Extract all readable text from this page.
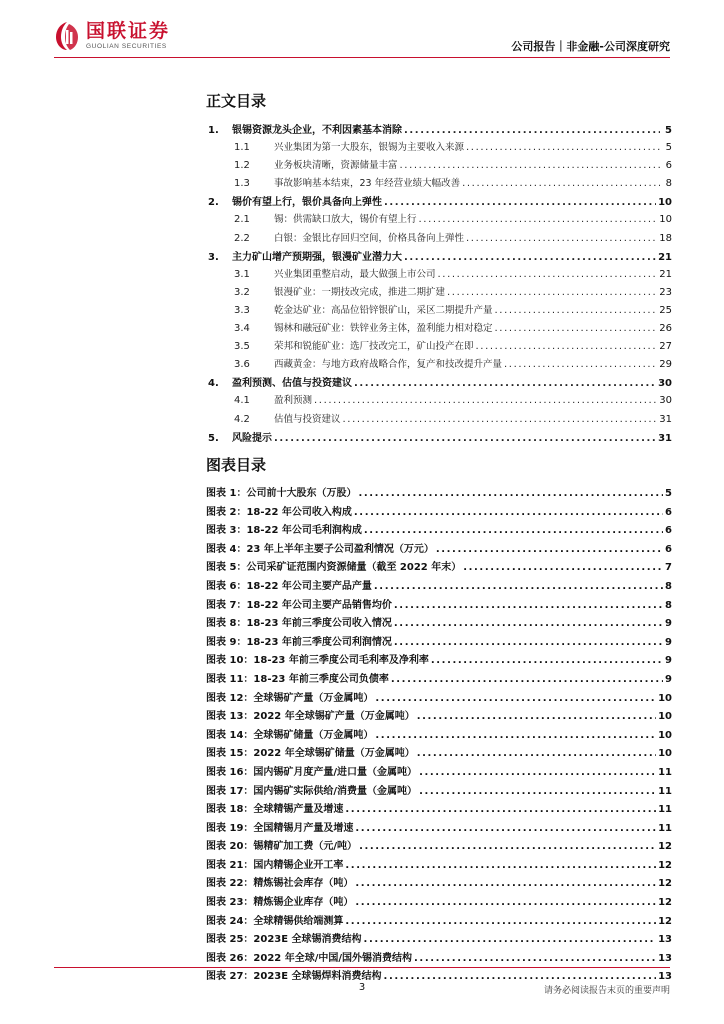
国联证券
GUOLIAN SECURITIES	公司报告｜非金融-公司深度研究
正文目录
1.	银锡资源龙头企业，不利因素基本消除 .....	5
1.1	兴业集团为第一大股东，银锡为主要收入来源 .....	5
1.2	业务板块清晰，资源储量丰富 .....	6
1.3	事故影响基本结束，23 年经营业绩大幅改善 .....	8
2.	锡价有望上行，银价具备向上弹性 .....	10
2.1	锡：供需缺口放大，锡价有望上行 .....	10
2.2	白银：金银比存回归空间，价格具备向上弹性 .....	18
3.	主力矿山增产预期强，银漫矿业潜力大 .....	21
3.1	兴业集团重整启动，最大做强上市公司 .....	21
3.2	银漫矿业：一期技改完成，推进二期扩建 .....	23
3.3	乾金达矿业：高品位铅锌银矿山，采区二期提升产量 .....	25
3.4	锡林和融冠矿业：铁锌业务主体，盈利能力相对稳定 .....	26
3.5	荣邦和锐能矿业：选厂技改完工，矿山投产在即 .....	27
3.6	西藏黄金：与地方政府战略合作，复产和技改提升产量 .....	29
4.	盈利预测、估值与投资建议 .....	30
4.1	盈利预测 .....	30
4.2	估值与投资建议 .....	31
5.	风险提示 .....	31
图表目录
图表 1：公司前十大股东（万股） .....	5
图表 2：18-22 年公司收入构成 .....	6
图表 3：18-22 年公司毛利润构成 .....	6
图表 4：23 年上半年主要子公司盈利情况（万元） .....	6
图表 5：公司采矿证范围内资源储量（截至 2022 年末） .....	7
图表 6：18-22 年公司主要产品产量 .....	8
图表 7：18-22 年公司主要产品销售均价 .....	8
图表 8：18-23 年前三季度公司收入情况 .....	9
图表 9：18-23 年前三季度公司利润情况 .....	9
图表 10：18-23 年前三季度公司毛利率及净利率 .....	9
图表 11：18-23 年前三季度公司负债率 .....	9
图表 12：全球锡矿产量（万金属吨） .....	10
图表 13：2022 年全球锡矿产量（万金属吨） .....	10
图表 14：全球锡矿储量（万金属吨） .....	10
图表 15：2022 年全球锡矿储量（万金属吨） .....	10
图表 16：国内锡矿月度产量/进口量（金属吨） .....	11
图表 17：国内锡矿实际供给/消费量（金属吨） .....	11
图表 18：全球精锡产量及增速 .....	11
图表 19：全国精锡月产量及增速 .....	11
图表 20：锡精矿加工费（元/吨） .....	12
图表 21：国内精锡企业开工率 .....	12
图表 22：精炼锡社会库存（吨） .....	12
图表 23：精炼锡企业库存（吨） .....	12
图表 24：全球精锡供给端测算 .....	12
图表 25：2023E 全球锡消费结构 .....	13
图表 26：2022 年全球/中国/国外锡消费结构 .....	13
图表 27：2023E 全球锡焊料消费结构 .....	13
3	请务必阅读报告末页的重要声明
